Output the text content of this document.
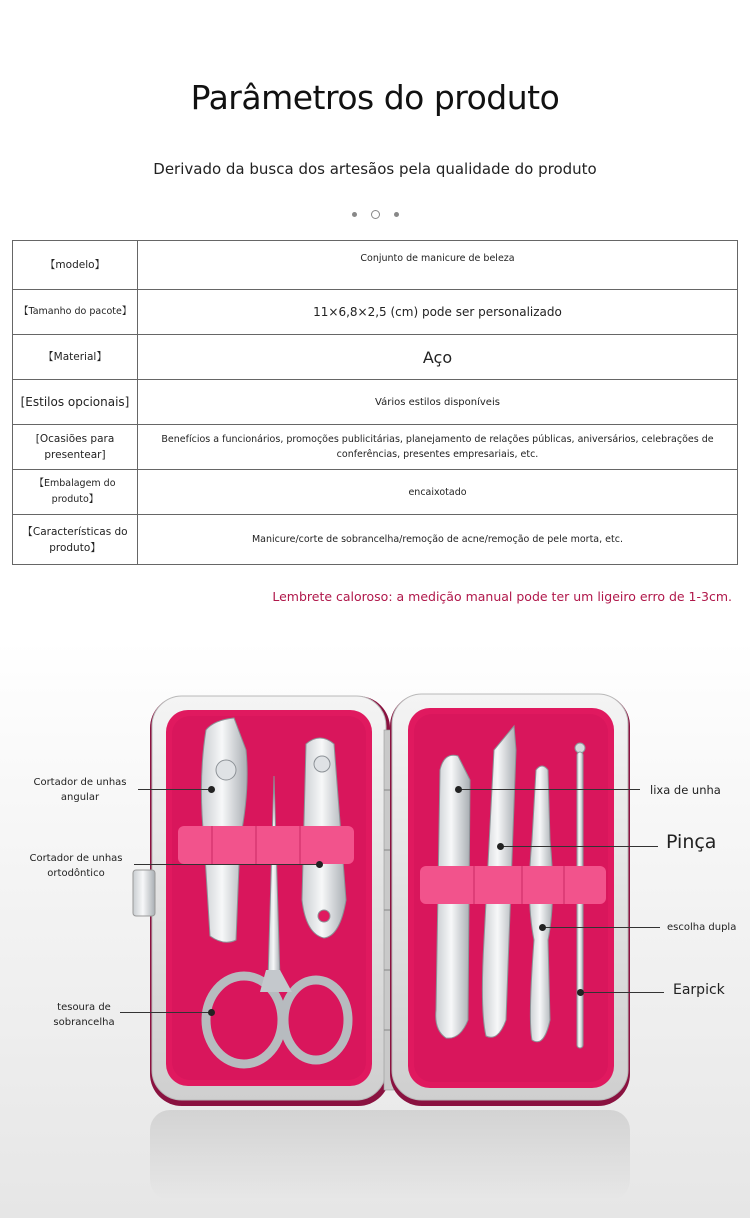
Parâmetros do produto
Derivado da busca dos artesãos pela qualidade do produto
【modelo】	Conjunto de manicure de beleza
【Tamanho do pacote】	11×6,8×2,5 (cm) pode ser personalizado
【Material】	Aço
[Estilos opcionais]	Vários estilos disponíveis
[Ocasiões para presentear]	Benefícios a funcionários, promoções publicitárias, planejamento de relações públicas, aniversários, celebrações de conferências, presentes empresariais, etc.
【Embalagem do produto】	encaixotado
【Características do produto】	Manicure/corte de sobrancelha/remoção de acne/remoção de pele morta, etc.
Lembrete caloroso: a medição manual pode ter um ligeiro erro de 1-3cm.
Cortador de unhas angular
Cortador de unhas ortodôntico
tesoura de sobrancelha
lixa de unha
Pinça
escolha dupla
Earpick
